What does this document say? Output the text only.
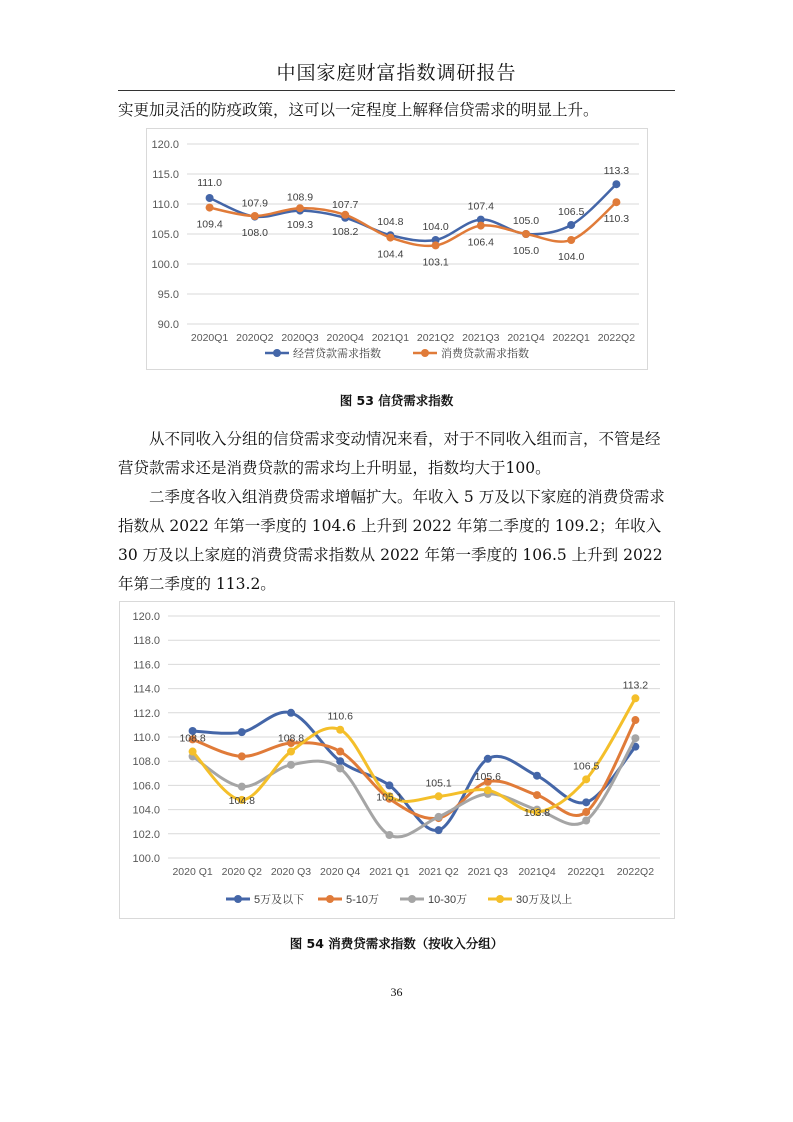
中国家庭财富指数调研报告
实更加灵活的防疫政策，这可以一定程度上解释信贷需求的明显上升。
90.0
95.0
100.0
105.0
110.0
115.0
120.0
2020Q1 2020Q2 2020Q3 2020Q4 2021Q1 2021Q2 2021Q3 2021Q4 2022Q1 2022Q2
111.0
107.9 108.9
107.7
104.8 104.0
107.4
105.0
106.5
113.3
109.4
108.0
109.3
108.2
104.4
103.1
106.4
105.0 104.0
110.3
经营贷款需求指数	消费贷款需求指数
图 53 信贷需求指数
从不同收入分组的信贷需求变动情况来看，对于不同收入组而言，不管是经营贷款需求还是消费贷款的需求均上升明显，指数均大于100。
二季度各收入组消费贷需求增幅扩大。年收入 5 万及以下家庭的消费贷需求指数从 2022 年第一季度的 104.6 上升到 2022 年第二季度的 109.2；年收入 30 万及以上家庭的消费贷需求指数从 2022 年第一季度的 106.5 上升到 2022 年第二季度的 113.2。
100.0
102.0
104.0
106.0
108.0
110.0
112.0
114.0
116.0
118.0
120.0
2020 Q1 2020 Q2 2020 Q3 2020 Q4 2021 Q1 2021 Q2 2021 Q3 2021Q4 2022Q1 2022Q2
108.8
104.8
108.8
110.6
105.1
105.1
105.6
103.8
106.5
113.2
5万及以下	5-10万	10-30万	30万及以上
图 54 消费贷需求指数（按收入分组）
36
